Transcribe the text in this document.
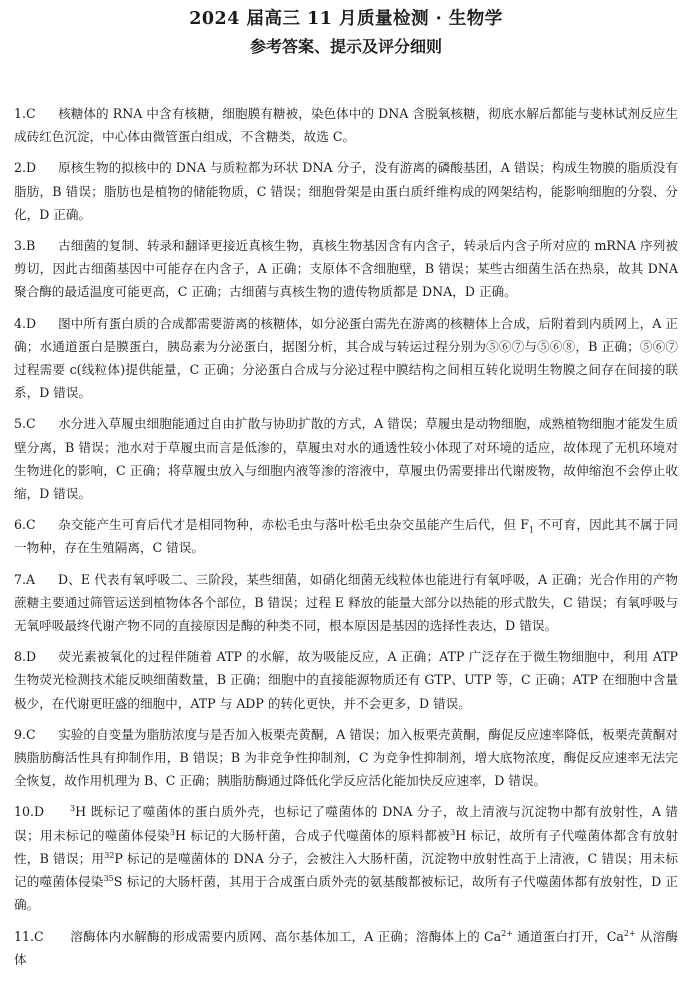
2024 届高三 11 月质量检测 · 生物学
参考答案、提示及评分细则

1.C 核糖体的 RNA 中含有核糖，细胞膜有糖被，染色体中的 DNA 含脱氧核糖，彻底水解后都能与斐林试剂反应生成砖红色沉淀，中心体由微管蛋白组成，不含糖类，故选 C。

2.D 原核生物的拟核中的 DNA 与质粒都为环状 DNA 分子，没有游离的磷酸基团，A 错误；构成生物膜的脂质没有脂肪，B 错误；脂肪也是植物的储能物质，C 错误；细胞骨架是由蛋白质纤维构成的网架结构，能影响细胞的分裂、分化，D 正确。

3.B 古细菌的复制、转录和翻译更接近真核生物，真核生物基因含有内含子，转录后内含子所对应的 mRNA 序列被剪切，因此古细菌基因中可能存在内含子，A 正确；支原体不含细胞壁，B 错误；某些古细菌生活在热泉，故其 DNA 聚合酶的最适温度可能更高，C 正确；古细菌与真核生物的遗传物质都是 DNA，D 正确。

4.D 图中所有蛋白质的合成都需要游离的核糖体，如分泌蛋白需先在游离的核糖体上合成，后附着到内质网上，A 正确；水通道蛋白是膜蛋白，胰岛素为分泌蛋白，据图分析，其合成与转运过程分别为⑤⑥⑦与⑤⑥⑧，B 正确；⑤⑥⑦过程需要 c(线粒体)提供能量，C 正确；分泌蛋白合成与分泌过程中膜结构之间相互转化说明生物膜之间存在间接的联系，D 错误。

5.C 水分进入草履虫细胞能通过自由扩散与协助扩散的方式，A 错误；草履虫是动物细胞，成熟植物细胞才能发生质壁分离，B 错误；池水对于草履虫而言是低渗的，草履虫对水的通透性较小体现了对环境的适应，故体现了无机环境对生物进化的影响，C 正确；将草履虫放入与细胞内液等渗的溶液中，草履虫仍需要排出代谢废物，故伸缩泡不会停止收缩，D 错误。

6.C 杂交能产生可育后代才是相同物种，赤松毛虫与落叶松毛虫杂交虽能产生后代，但 $F_1$ 不可育，因此其不属于同一物种，存在生殖隔离，C 错误。

7.A D、E 代表有氧呼吸二、三阶段，某些细菌，如硝化细菌无线粒体也能进行有氧呼吸，A 正确；光合作用的产物蔗糖主要通过筛管运送到植物体各个部位，B 错误；过程 E 释放的能量大部分以热能的形式散失，C 错误；有氧呼吸与无氧呼吸最终代谢产物不同的直接原因是酶的种类不同，根本原因是基因的选择性表达，D 错误。

8.D 荧光素被氧化的过程伴随着 ATP 的水解，故为吸能反应，A 正确；ATP 广泛存在于微生物细胞中，利用 ATP 生物荧光检测技术能反映细菌数量，B 正确；细胞中的直接能源物质还有 GTP、UTP 等，C 正确；ATP 在细胞中含量极少，在代谢更旺盛的细胞中，ATP 与 ADP 的转化更快，并不会更多，D 错误。

9.C 实验的自变量为脂肪浓度与是否加入板栗壳黄酮，A 错误；加入板栗壳黄酮，酶促反应速率降低，板栗壳黄酮对胰脂肪酶活性具有抑制作用，B 错误；B 为非竞争性抑制剂，C 为竞争性抑制剂，增大底物浓度，酶促反应速率无法完全恢复，故作用机理为 B、C 正确；胰脂肪酶通过降低化学反应活化能加快反应速率，D 错误。

10.D	$^3$H 既标记了噬菌体的蛋白质外壳，也标记了噬菌体的 DNA 分子，故上清液与沉淀物中都有放射性，A 错误；用未标记的噬菌体侵染$^3$H 标记的大肠杆菌，合成子代噬菌体的原料都被$^3$H 标记，故所有子代噬菌体都含有放射性，B 错误；用$^{32}$P 标记的是噬菌体的 DNA 分子，会被注入大肠杆菌，沉淀物中放射性高于上清液，C 错误；用未标记的噬菌体侵染$^{35}$S 标记的大肠杆菌，其用于合成蛋白质外壳的氨基酸都被标记，故所有子代噬菌体都有放射性，D 正确。

11.C 溶酶体内水解酶的形成需要内质网、高尔基体加工，A 正确；溶酶体上的 $Ca^{2+}$ 通道蛋白打开，$Ca^{2+}$ 从溶酶体
